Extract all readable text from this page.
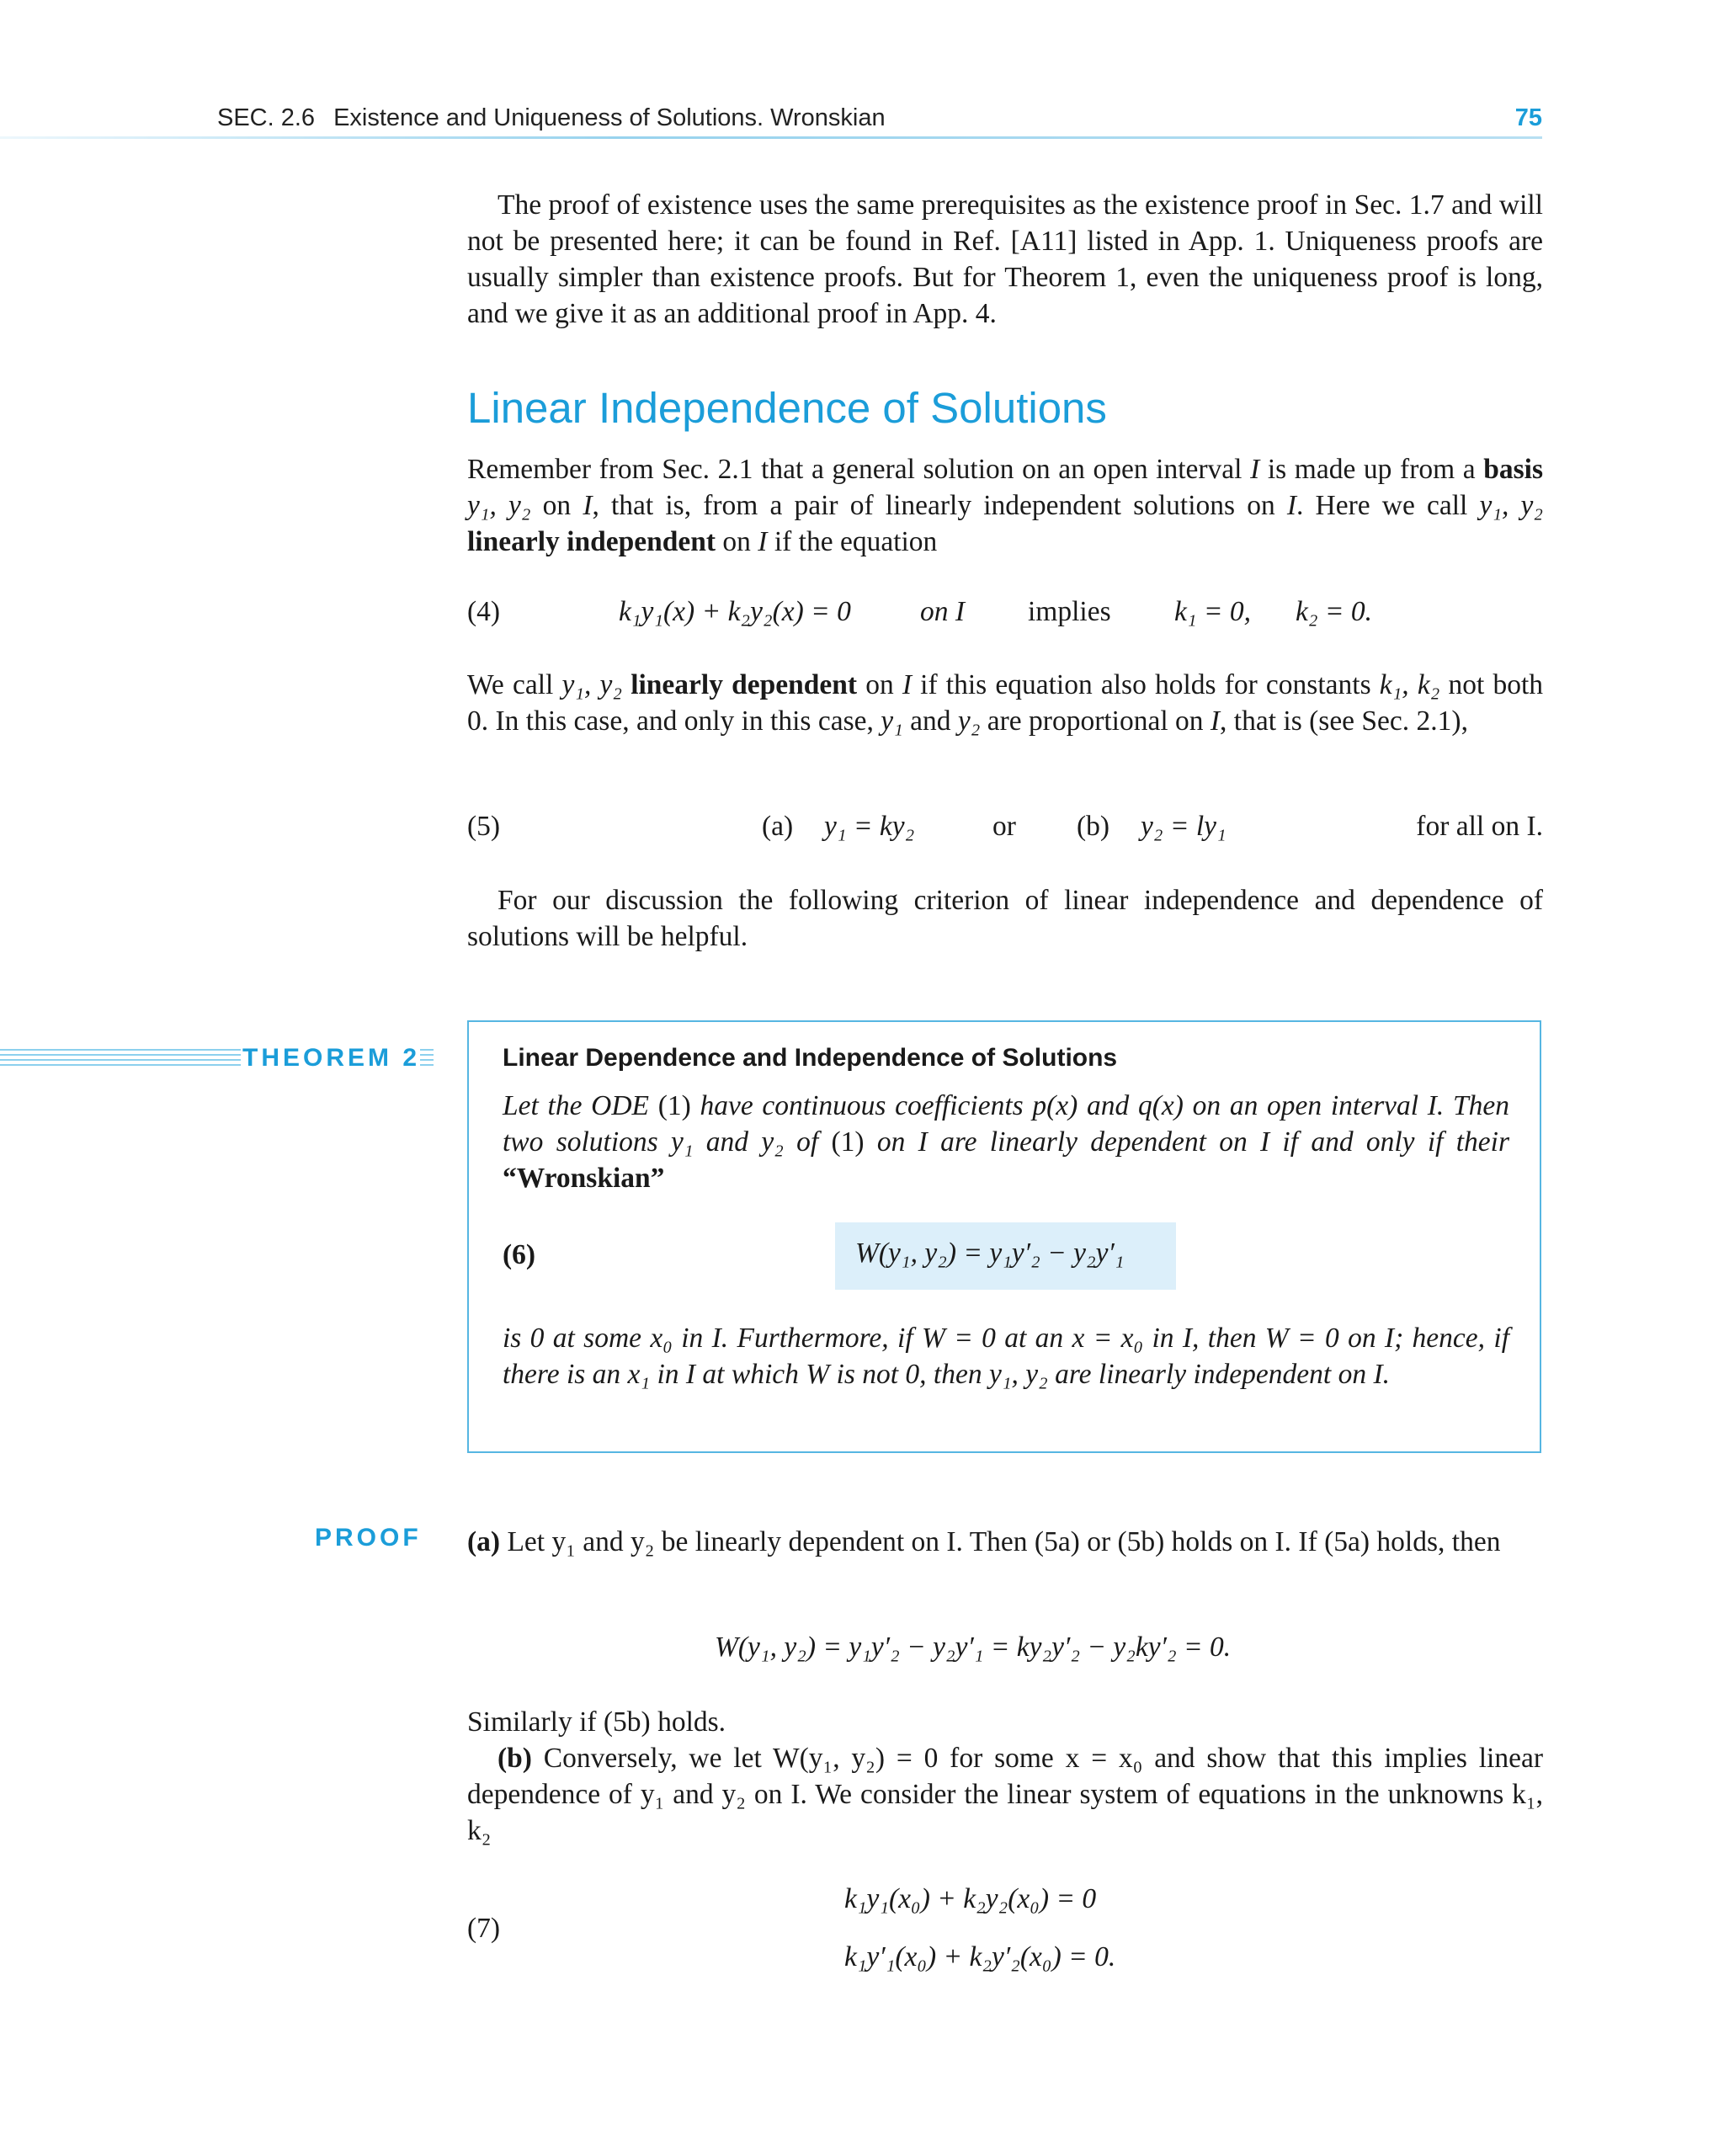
SEC. 2.6 Existence and Uniqueness of Solutions. Wronskian	75
The proof of existence uses the same prerequisites as the existence proof in Sec. 1.7 and will not be presented here; it can be found in Ref. [A11] listed in App. 1. Uniqueness proofs are usually simpler than existence proofs. But for Theorem 1, even the uniqueness proof is long, and we give it as an additional proof in App. 4.
Linear Independence of Solutions
Remember from Sec. 2.1 that a general solution on an open interval I is made up from a basis y₁, y₂ on I, that is, from a pair of linearly independent solutions on I. Here we call y₁, y₂ linearly independent on I if the equation
(4)	k₁y₁(x) + k₂y₂(x) = 0 on I implies k₁ = 0, k₂ = 0.
We call y₁, y₂ linearly dependent on I if this equation also holds for constants k₁, k₂ not both 0. In this case, and only in this case, y₁ and y₂ are proportional on I, that is (see Sec. 2.1),
(5)	(a) y₁ = ky₂	or (b) y₂ = ly₁	for all on I.
For our discussion the following criterion of linear independence and dependence of solutions will be helpful.
THEOREM 2	Linear Dependence and Independence of Solutions
Let the ODE (1) have continuous coefficients p(x) and q(x) on an open interval I. Then two solutions y₁ and y₂ of (1) on I are linearly dependent on I if and only if their “Wronskian”
(6)	W(y₁, y₂) = y₁y′₂ − y₂y′₁
is 0 at some x₀ in I. Furthermore, if W = 0 at an x = x₀ in I, then W = 0 on I; hence, if there is an x₁ in I at which W is not 0, then y₁, y₂ are linearly independent on I.
PROOF (a) Let y₁ and y₂ be linearly dependent on I. Then (5a) or (5b) holds on I. If (5a) holds, then
W(y₁, y₂) = y₁y′₂ − y₂y′₁ = ky₂y′₂ − y₂ky′₂ = 0.
Similarly if (5b) holds.
(b) Conversely, we let W(y₁, y₂) = 0 for some x = x₀ and show that this implies linear dependence of y₁ and y₂ on I. We consider the linear system of equations in the unknowns k₁, k₂
(7)
k₁y₁(x₀) + k₂y₂(x₀) = 0
k₁y′₁(x₀) + k₂y′₂(x₀) = 0.
